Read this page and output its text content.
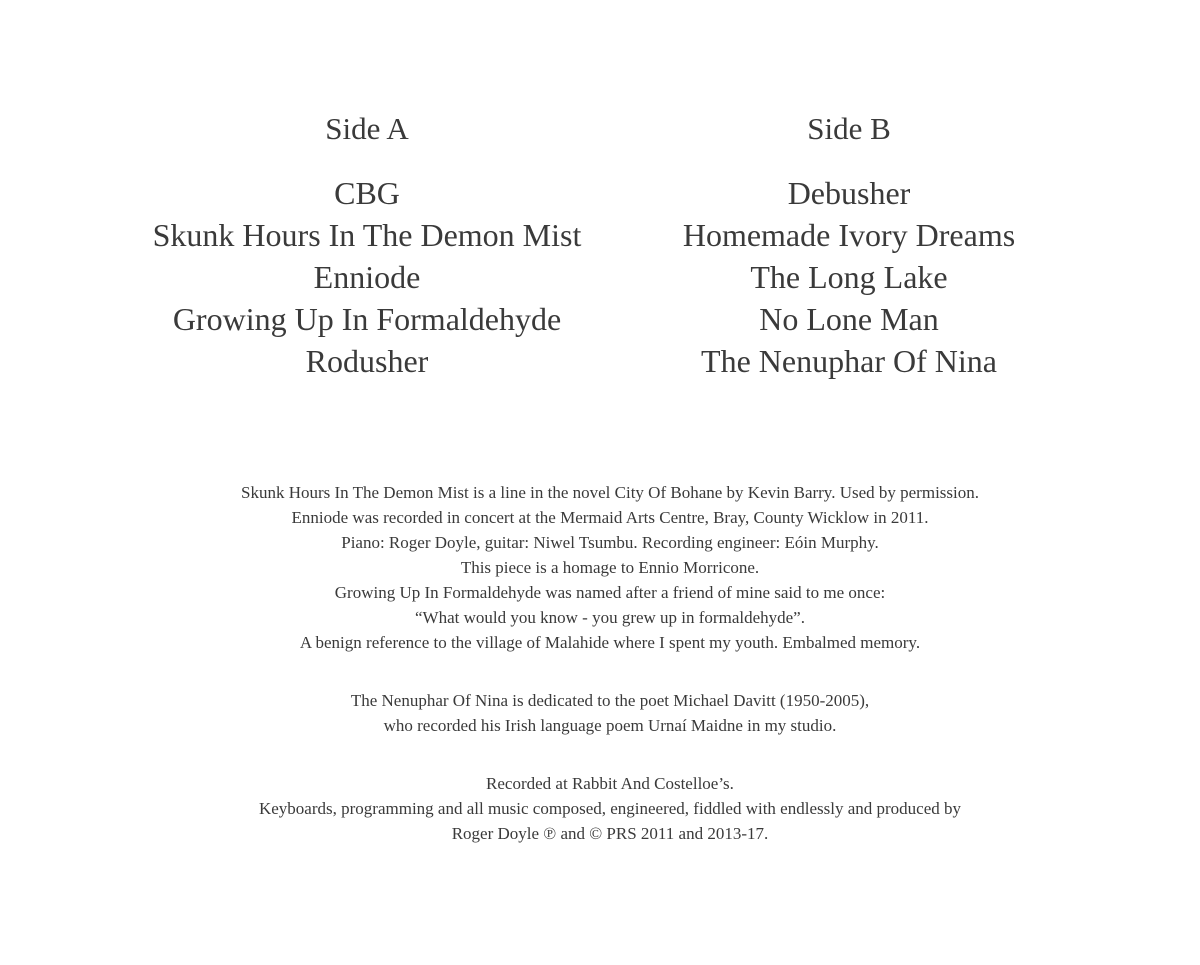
Side A
CBG
Skunk Hours In The Demon Mist
Enniode
Growing Up In Formaldehyde
Rodusher
Side B
Debusher
Homemade Ivory Dreams
The Long Lake
No Lone Man
The Nenuphar Of Nina
Skunk Hours In The Demon Mist is a line in the novel City Of Bohane by Kevin Barry. Used by permission.
Enniode was recorded in concert at the Mermaid Arts Centre, Bray, County Wicklow in 2011.
Piano: Roger Doyle, guitar: Niwel Tsumbu. Recording engineer: Eóin Murphy.
This piece is a homage to Ennio Morricone.
Growing Up In Formaldehyde was named after a friend of mine said to me once:
“What would you know - you grew up in formaldehyde”.
A benign reference to the village of Malahide where I spent my youth. Embalmed memory.
The Nenuphar Of Nina is dedicated to the poet Michael Davitt (1950-2005),
who recorded his Irish language poem Urnaí Maidne in my studio.
Recorded at Rabbit And Costelloe’s.
Keyboards, programming and all music composed, engineered, fiddled with endlessly and produced by
Roger Doyle ℗ and © PRS 2011 and 2013-17.
